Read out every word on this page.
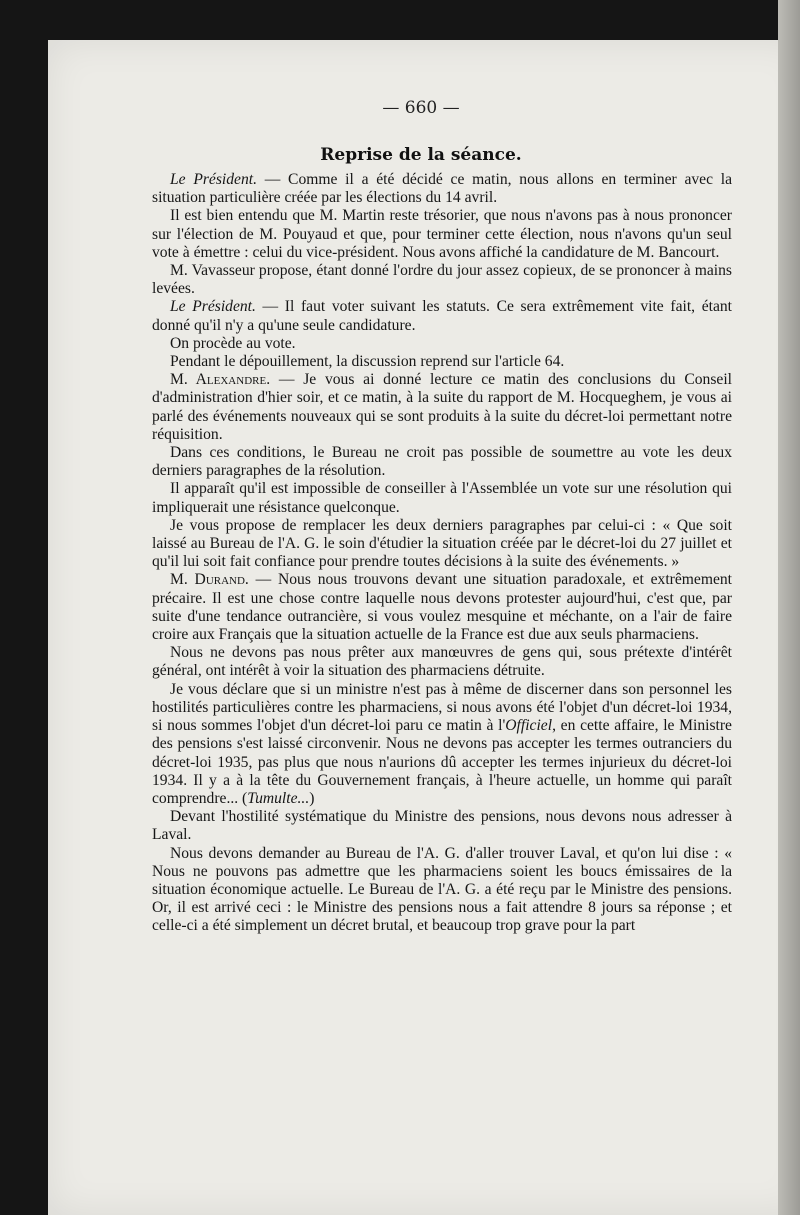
— 660 —
Reprise de la séance.

Le Président. — Comme il a été décidé ce matin, nous allons en terminer avec la situation particulière créée par les élections du 14 avril.

Il est bien entendu que M. Martin reste trésorier, que nous n'avons pas à nous prononcer sur l'élection de M. Pouyaud et que, pour terminer cette élection, nous n'avons qu'un seul vote à émettre : celui du vice-président. Nous avons affiché la candidature de M. Bancourt.

M. Vavasseur propose, étant donné l'ordre du jour assez copieux, de se prononcer à mains levées.

Le Président. — Il faut voter suivant les statuts. Ce sera extrêmement vite fait, étant donné qu'il n'y a qu'une seule candidature.

On procède au vote.

Pendant le dépouillement, la discussion reprend sur l'article 64.

M. Alexandre. — Je vous ai donné lecture ce matin des conclusions du Conseil d'administration d'hier soir, et ce matin, à la suite du rapport de M. Hocqueghem, je vous ai parlé des événements nouveaux qui se sont produits à la suite du décret-loi permettant notre réquisition.

Dans ces conditions, le Bureau ne croit pas possible de soumettre au vote les deux derniers paragraphes de la résolution.

Il apparaît qu'il est impossible de conseiller à l'Assemblée un vote sur une résolution qui impliquerait une résistance quelconque.

Je vous propose de remplacer les deux derniers paragraphes par celui-ci : « Que soit laissé au Bureau de l'A. G. le soin d'étudier la situation créée par le décret-loi du 27 juillet et qu'il lui soit fait confiance pour prendre toutes décisions à la suite des événements. »

M. Durand. — Nous nous trouvons devant une situation paradoxale, et extrêmement précaire. Il est une chose contre laquelle nous devons protester aujourd'hui, c'est que, par suite d'une tendance outrancière, si vous voulez mesquine et méchante, on a l'air de faire croire aux Français que la situation actuelle de la France est due aux seuls pharmaciens.

Nous ne devons pas nous prêter aux manœuvres de gens qui, sous prétexte d'intérêt général, ont intérêt à voir la situation des pharmaciens détruite.

Je vous déclare que si un ministre n'est pas à même de discerner dans son personnel les hostilités particulières contre les pharmaciens, si nous avons été l'objet d'un décret-loi 1934, si nous sommes l'objet d'un décret-loi paru ce matin à l'Officiel, en cette affaire, le Ministre des pensions s'est laissé circonvenir. Nous ne devons pas accepter les termes outranciers du décret-loi 1935, pas plus que nous n'aurions dû accepter les termes injurieux du décret-loi 1934. Il y a à la tête du Gouvernement français, à l'heure actuelle, un homme qui paraît comprendre... (Tumulte...)

Devant l'hostilité systématique du Ministre des pensions, nous devons nous adresser à Laval.

Nous devons demander au Bureau de l'A. G. d'aller trouver Laval, et qu'on lui dise : « Nous ne pouvons pas admettre que les pharmaciens soient les boucs émissaires de la situation économique actuelle. Le Bureau de l'A. G. a été reçu par le Ministre des pensions. Or, il est arrivé ceci : le Ministre des pensions nous a fait attendre 8 jours sa réponse ; et celle-ci a été simplement un décret brutal, et beaucoup trop grave pour la part
